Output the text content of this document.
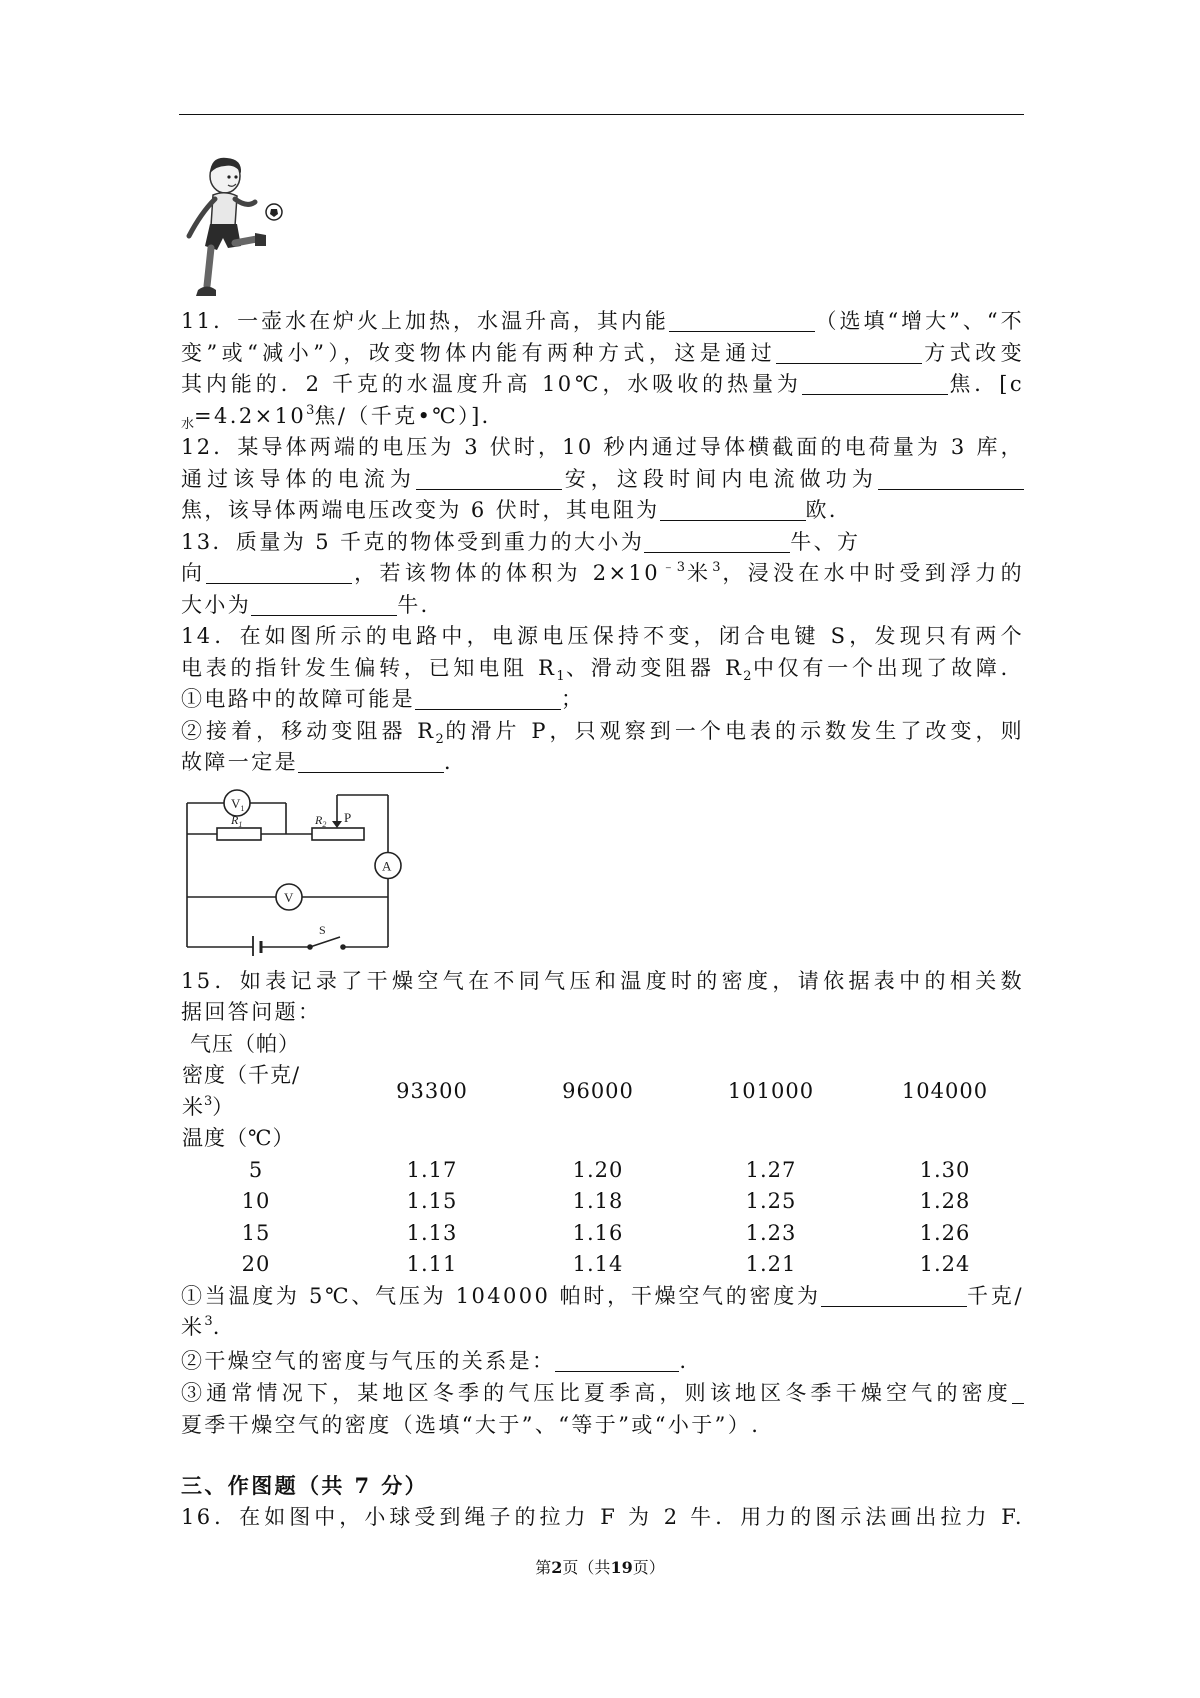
11．一壶水在炉火上加热，水温升高，其内能	（选填“增大”、“不
变”或“减小”），改变物体内能有两种方式，这是通过	方式改变
其内能的．2 千克的水温度升高 10℃，水吸收的热量为	焦．[c
$_水=4.2\times 10^3$焦/（千克•℃）]．
12．某导体两端的电压为 3 伏时，10 秒内通过导体横截面的电荷量为 3 库，
通过该导体的电流为	安，这段时间内电流做功为
焦，该导体两端电压改变为 6 伏时，其电阻为	欧．
13．质量为 5 千克的物体受到重力的大小为	牛、方
向	，若该物体的体积为 $2\times 10^{﹣3}$米$^3$，浸没在水中时受到浮力的
大小为	牛．
14．在如图所示的电路中，电源电压保持不变，闭合电键 S，发现只有两个
电表的指针发生偏转，已知电阻 $R_1$、滑动变阻器 $R_2$中仅有一个出现了故障．
①电路中的故障可能是	；
②接着，移动变阻器 $R_2$的滑片 P，只观察到一个电表的示数发生了改变，则
故障一定是	．
$V_1$
$R_1$	$R_2$ P
A
V
S
15．如表记录了干燥空气在不同气压和温度时的密度，请依据表中的相关数
据回答问题：
气压（帕）
密度（千克/
米$^3$）
温度（℃）
93300	96000	101000	104000
5	1.17	1.20	1.27	1.30
10	1.15	1.18	1.25	1.28
15	1.13	1.16	1.23	1.26
20	1.11	1.14	1.21	1.24
①当温度为 5℃、气压为 104000 帕时，干燥空气的密度为	千克/
米$^3$.
②干燥空气的密度与气压的关系是：	.
③通常情况下，某地区冬季的气压比夏季高，则该地区冬季干燥空气的密度
夏季干燥空气的密度（选填“大于”、“等于”或“小于”）.
三、作图题（共 7 分）
16．在如图中，小球受到绳子的拉力 F 为 2 牛．用力的图示法画出拉力 F.
第2页（共19页）
